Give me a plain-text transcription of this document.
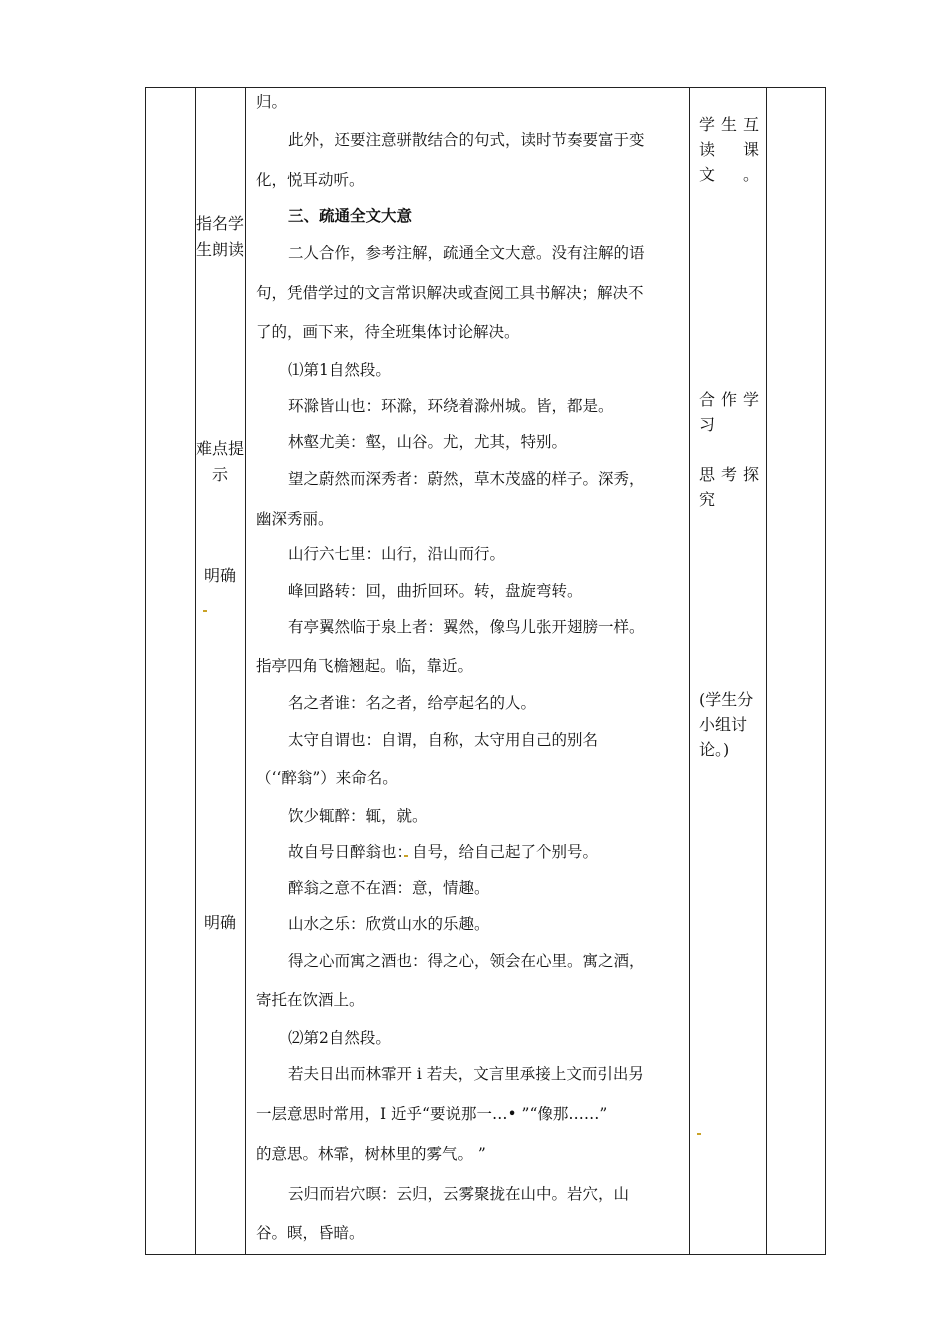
指名学生朗读
难点提示
明确
明确
学生互读课文。
合作学习
思考探究
(学生分小组讨论。)
归。
此外，还要注意骈散结合的句式，读时节奏要富于变
化，悦耳动听。
三、疏通全文大意
二人合作，参考注解，疏通全文大意。没有注解的语
句，凭借学过的文言常识解决或查阅工具书解决；解决不
了的，画下来，待全班集体讨论解决。
⑴第1自然段。
环滁皆山也：环滁，环绕着滁州城。皆，都是。
林壑尤美：壑，山谷。尤，尤其，特别。
望之蔚然而深秀者：蔚然，草木茂盛的样子。深秀，
幽深秀丽。
山行六七里：山行，沿山而行。
峰回路转：回，曲折回环。转，盘旋弯转。
有亭翼然临于泉上者：翼然，像鸟儿张开翅膀一样。
指亭四角飞檐翘起。临，靠近。
名之者谁：名之者，给亭起名的人。
太守自谓也：自谓，自称，太守用自己的别名
（‘‘醉翁”）来命名。
饮少辄醉：辄，就。
故自号日醉翁也：自号，给自己起了个别号。
醉翁之意不在酒：意，情趣。
山水之乐：欣赏山水的乐趣。
得之心而寓之酒也：得之心，领会在心里。寓之酒，
寄托在饮酒上。
⑵第2自然段。
若夫日出而林霏开 i 若夫，文言里承接上文而引出另
一层意思时常用，I 近乎“要说那一…• ”“像那……”
的意思。林霏，树林里的雾气。 ”
云归而岩穴暝：云归，云雾聚拢在山中。岩穴，山
谷。暝，昏暗。
